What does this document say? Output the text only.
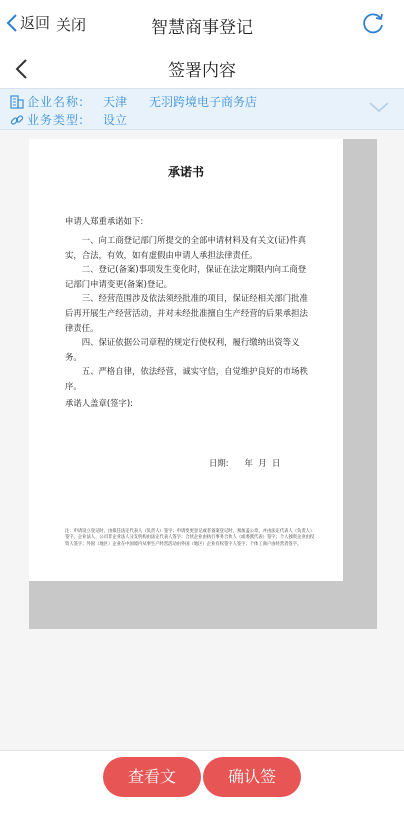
返回 关闭	智慧商事登记
签署内容
企业名称:	天津	无羽跨境电子商务店
业务类型:	设立
承诺书
申请人郑重承诺如下:

一、向工商登记部门所提交的全部申请材料及有关文(证)件真实，合法，有效，如有虚假由申请人承担法律责任。

二、登记(备案)事项发生变化时，保证在法定期限内向工商登记部门申请变更(备案)登记。

三、经营范围涉及依法须经批准的项目，保证经相关部门批准后再开展生产经营活动，并对未经批准擅自生产经营的后果承担法律责任。

四、保证依据公司章程的规定行使权利，履行缴纳出资等义务。

五、严格自律，依法经营，诚实守信，自觉维护良好的市场秩序。

承诺人盖章(签字):
日期:      年  月  日
注：申请设立登记时，由拟任法定代表人（负责人）签字；申请变更登记或者备案登记时，须加盖公章，并由法定代表人（负责人）签字。企业法人、公司非企业法人分支机构由法定代表人签字；合伙企业由执行事务合伙人（或委派代表）签字；个人独资企业由投资人签字；外国（地区）企业在中国境内从事生产经营活动由外国（地区）企业有权签字人签字；个体工商户由经营者签字。
查看文	确认签
